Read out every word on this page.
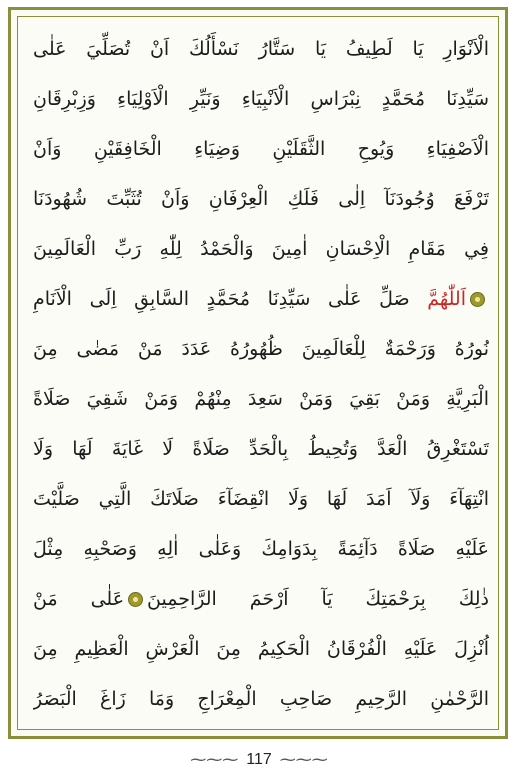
الْاَنْوَارِ يَا لَطِيفُ يَا سَتَّارُ نَسْأَلُكَ اَنْ تُصَلِّيَ عَلٰى
سَيِّدِنَا مُحَمَّدٍ نِبْرَاسِ الْاَنْبِيَاءِ وَنَيِّرِ الْاَوْلِيَاءِ وَزِبْرِقَانِ
الْاَصْفِيَاءِ وَيُوحِ الثَّقَلَيْنِ وَضِيَاءِ الْخَافِقَيْنِ وَاَنْ
تَرْفَعَ وُجُودَنَآ اِلٰى فَلَكِ الْعِرْفَانِ وَاَنْ تُثَبِّتَ شُهُودَنَا
فِي مَقَامِ الْاِحْسَانِ اٰمِينَ وَالْحَمْدُ لِلّٰهِ رَبِّ الْعَالَمِينَ
اَللّٰهُمَّ صَلِّ عَلٰى سَيِّدِنَا مُحَمَّدٍ السَّابِقِ اِلَى الْاَنَامِ
نُورُهُ وَرَحْمَةٌ لِلْعَالَمِينَ ظُهُورُهُ عَدَدَ مَنْ مَضٰى مِنَ
الْبَرِيَّةِ وَمَنْ بَقِيَ وَمَنْ سَعِدَ مِنْهُمْ وَمَنْ شَقِيَ صَلَاةً
تَسْتَغْرِقُ الْعَدَّ وَتُحِيطُ بِالْحَدِّ صَلَاةً لَا غَايَةَ لَهَا وَلَا
انْتِهَآءَ وَلَآ اَمَدَ لَهَا وَلَا انْقِضَآءَ صَلَاتَكَ الَّتِي صَلَّيْتَ
عَلَيْهِ صَلَاةً دَآئِمَةً بِدَوَامِكَ وَعَلٰى اٰلِهِ وَصَحْبِهِ مِثْلَ
ذٰلِكَ بِرَحْمَتِكَ يَآ اَرْحَمَ الرَّاحِمِينَعَلٰى مَنْ
اُنْزِلَ عَلَيْهِ الْفُرْقَانُ الْحَكِيمُ مِنَ الْعَرْشِ الْعَظِيمِ مِنَ
الرَّحْمٰنِ الرَّحِيمِ صَاحِبِ الْمِعْرَاجِ وَمَا زَاغَ الْبَصَرُ
⁓⁓⁓ 117 ⁓⁓⁓
